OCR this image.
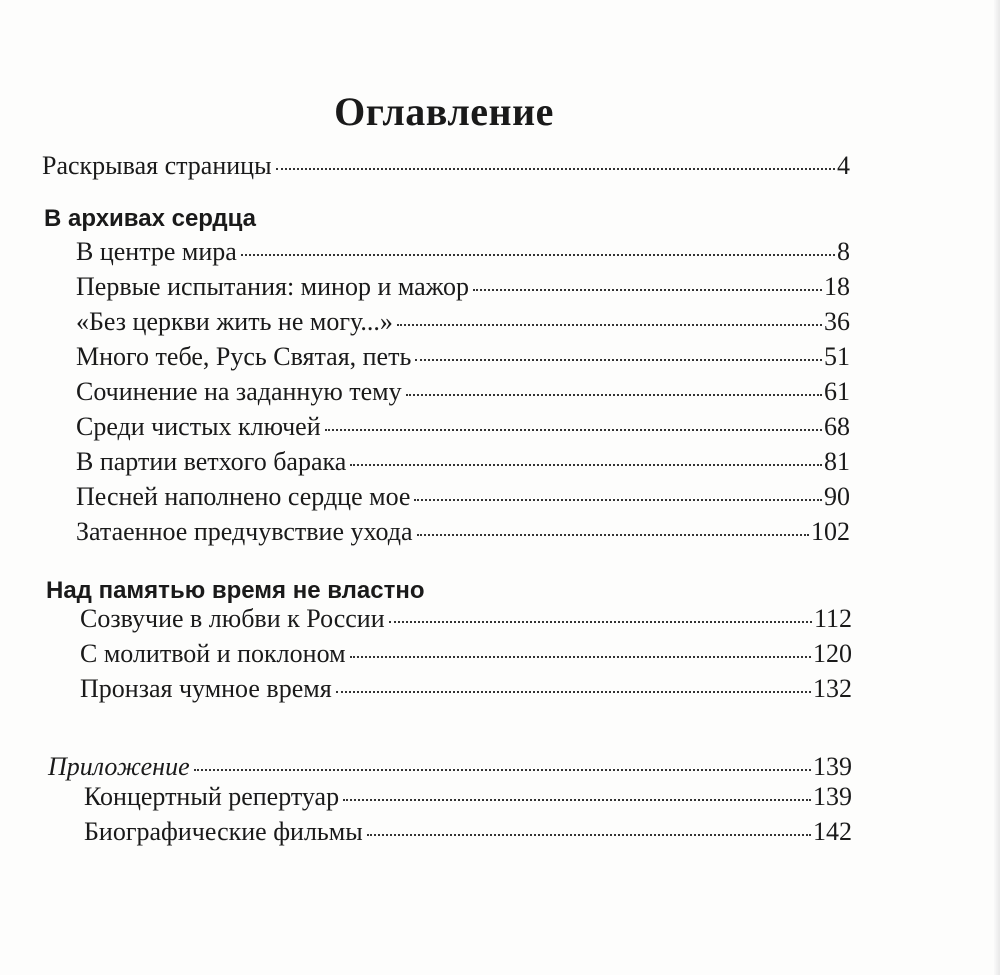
Оглавление
Раскрывая страницы	4
В архивах сердца
В центре мира	8
Первые испытания: минор и мажор	18
«Без церкви жить не могу...»	36
Много тебе, Русь Святая, петь	51
Сочинение на заданную тему	61
Среди чистых ключей	68
В партии ветхого барака	81
Песней наполнено сердце мое	90
Затаенное предчувствие ухода	102
Над памятью время не властно
Созвучие в любви к России	112
С молитвой и поклоном	120
Пронзая чумное время	132
Приложение	139
Концертный репертуар	139
Биографические фильмы	142
